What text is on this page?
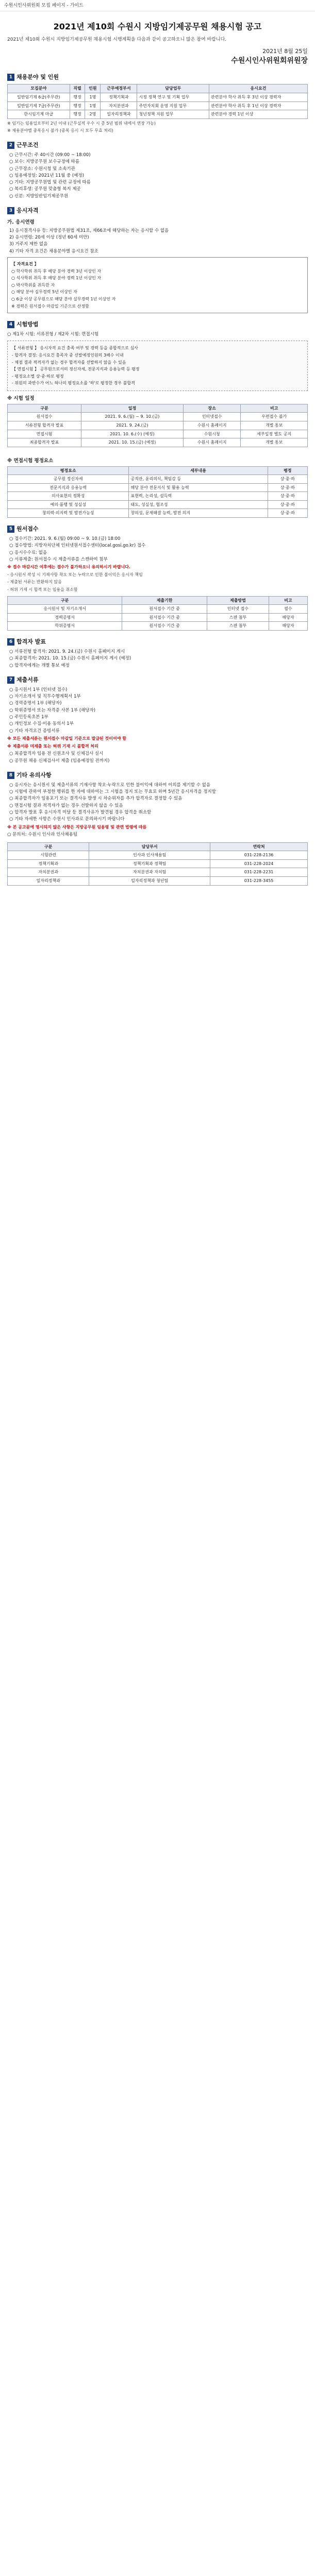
수원시인사위원회 모집 페이지 - 가이드
2021년 제10회 수원시 지방임기제공무원 채용시험 공고
2021년 제10회 수원시 지방임기제공무원 채용시험 시행계획을 다음과 같이 공고하오니 많은 참여 바랍니다.
2021년 8월 25일
수원시인사위원회위원장
1 채용분야 및 인원
모집분야	직렬	인원	근무예정부서	담당업무	응시요건
일반임기제 6급(주무관)	행정	1명	정책기획과	시정 정책 연구 및 기획 업무	관련분야 학사 취득 후 3년 이상 경력자
일반임기제 7급(주무관)	행정	1명	자치분권과	주민자치회 운영 지원 업무	관련분야 학사 취득 후 1년 이상 경력자
한시임기제 마급	행정	2명	일자리정책과	청년정책 지원 업무	관련분야 경력 1년 이상
※ 임기는 임용일로부터 2년 이내 (근무실적 우수 시 총 5년 범위 내에서 연장 가능)
※ 채용분야별 중복응시 불가 (중복 응시 시 모두 무효 처리)
2 근무조건
○ 근무시간: 주 40시간 (09:00 ~ 18:00)
○ 보수: 지방공무원 보수규정에 따름
○ 근무장소: 수원시청 및 소속기관
○ 임용예정일: 2021년 11월 중 (예정)
○ 기타: 지방공무원법 및 관련 규정에 따름
○ 복리후생: 공무원 맞춤형 복지 제공
○ 신분: 지방일반임기제공무원
3 응시자격
가. 응시연령
1) 응시결격사유 등: 지방공무원법 제31조, 제66조에 해당하는 자는 응시할 수 없음
2) 응시연령: 20세 이상 (정년 60세 미만)
3) 거주지 제한 없음
4) 기타 자격 요건은 채용분야별 응시요건 참조

【 자격요건 】

○ 학사학위 취득 후 해당 분야 경력 3년 이상인 자

○ 석사학위 취득 후 해당 분야 경력 1년 이상인 자

○ 박사학위를 취득한 자

○ 해당 분야 실무경력 5년 이상인 자

○ 6급 이상 공무원으로 해당 분야 실무경력 1년 이상인 자

※ 경력은 원서접수 마감일 기준으로 산정함

4 시험방법
○ 제1차 시험: 서류전형 / 제2차 시험: 면접시험

【 서류전형 】 응시자격 요건 충족 여부 및 경력 등을 종합적으로 심사

- 합격자 결정: 응시요건 충족자 중 선발예정인원의 3배수 이내

- 채점 결과 적격자가 없는 경우 합격자를 선발하지 않을 수 있음

【 면접시험 】 공무원으로서의 정신자세, 전문지식과 응용능력 등 평정

- 평정요소별 상·중·하로 평정

- 위원의 과반수가 어느 하나의 평정요소를 '하'로 평정한 경우 불합격

※ 시험 일정
구분	일정	장소	비고
원서접수	2021. 9. 6.(월) ~ 9. 10.(금)	인터넷접수	우편접수 불가
서류전형 합격자 발표	2021. 9. 24.(금)	수원시 홈페이지	개별 통보
면접시험	2021. 10. 6.(수) (예정)	수원시청	세부일정 별도 공지
최종합격자 발표	2021. 10. 15.(금) (예정)	수원시 홈페이지	개별 통보
※ 면접시험 평정요소
평정요소	세부내용	평정
공무원 정신자세	공직관, 윤리의식, 책임감 등	상·중·하
전문지식과 응용능력	해당 분야 전문지식 및 활용 능력	상·중·하
의사표현의 정확성	표현력, 논리성, 설득력	상·중·하
예의·품행 및 성실성	태도, 성실성, 협조성	상·중·하
창의력·의지력 및 발전가능성	창의성, 문제해결 능력, 발전 의지	상·중·하
5 원서접수
○ 접수기간: 2021. 9. 6.(월) 09:00 ~ 9. 10.(금) 18:00
○ 접수방법: 지방자치단체 인터넷원서접수센터(local.gosi.go.kr) 접수
○ 응시수수료: 없음
○ 서류제출: 원서접수 시 제출서류를 스캔하여 첨부
※ 접수 마감시간 이후에는 접수가 불가하오니 유의하시기 바랍니다.
- 응시원서 작성 시 기재사항 착오 또는 누락으로 인한 불이익은 응시자 책임
- 제출된 서류는 반환하지 않음
- 허위 기재 시 합격 또는 임용을 취소함
구분	제출기한	제출방법	비고
응시원서 및 자기소개서	원서접수 기간 중	인터넷 접수	필수
경력증명서	원서접수 기간 중	스캔 첨부	해당자
학위증명서	원서접수 기간 중	스캔 첨부	해당자
6 합격자 발표
○ 서류전형 합격자: 2021. 9. 24.(금) 수원시 홈페이지 게시
○ 최종합격자: 2021. 10. 15.(금) 수원시 홈페이지 게시 (예정)
○ 합격자에게는 개별 통보 예정
7 제출서류
○ 응시원서 1부 (인터넷 접수)
○ 자기소개서 및 직무수행계획서 1부
○ 경력증명서 1부 (해당자)
○ 학위증명서 또는 자격증 사본 1부 (해당자)
○ 주민등록초본 1부
○ 개인정보 수집·이용 동의서 1부
○ 기타 자격요건 증빙서류
※ 모든 제출서류는 원서접수 마감일 기준으로 발급된 것이어야 함
※ 제출서류 미제출 또는 허위 기재 시 불합격 처리
○ 최종합격자 임용 전 신원조사 및 신체검사 실시
○ 공무원 채용 신체검사서 제출 (임용예정일 전까지)
8 기타 유의사항
○ 응시자는 응시원서 및 제출서류의 기재사항 착오·누락으로 인한 불이익에 대하여 이의를 제기할 수 없음
○ 시험에 관하여 부정한 행위를 한 자에 대하여는 그 시험을 정지 또는 무효로 하며 5년간 응시자격을 정지함
○ 최종합격자가 임용포기 또는 결격사유 발생 시 차순위자를 추가 합격자로 결정할 수 있음
○ 면접시험 결과 적격자가 없는 경우 선발하지 않을 수 있음
○ 합격자 발표 후 응시자격 미달 등 결격사유가 발견될 경우 합격을 취소함
○ 기타 자세한 사항은 수원시 인사과로 문의하시기 바랍니다
※ 본 공고문에 명시되지 않은 사항은 지방공무원 임용령 및 관련 법령에 따름
○ 문의처: 수원시 인사과 인사채용팀
구분	담당부서	연락처
시험관련	인사과 인사채용팀	031-228-2136
정책기획과	정책기획과 정책팀	031-228-2024
자치분권과	자치분권과 자치팀	031-228-2231
일자리정책과	일자리정책과 청년팀	031-228-3455
